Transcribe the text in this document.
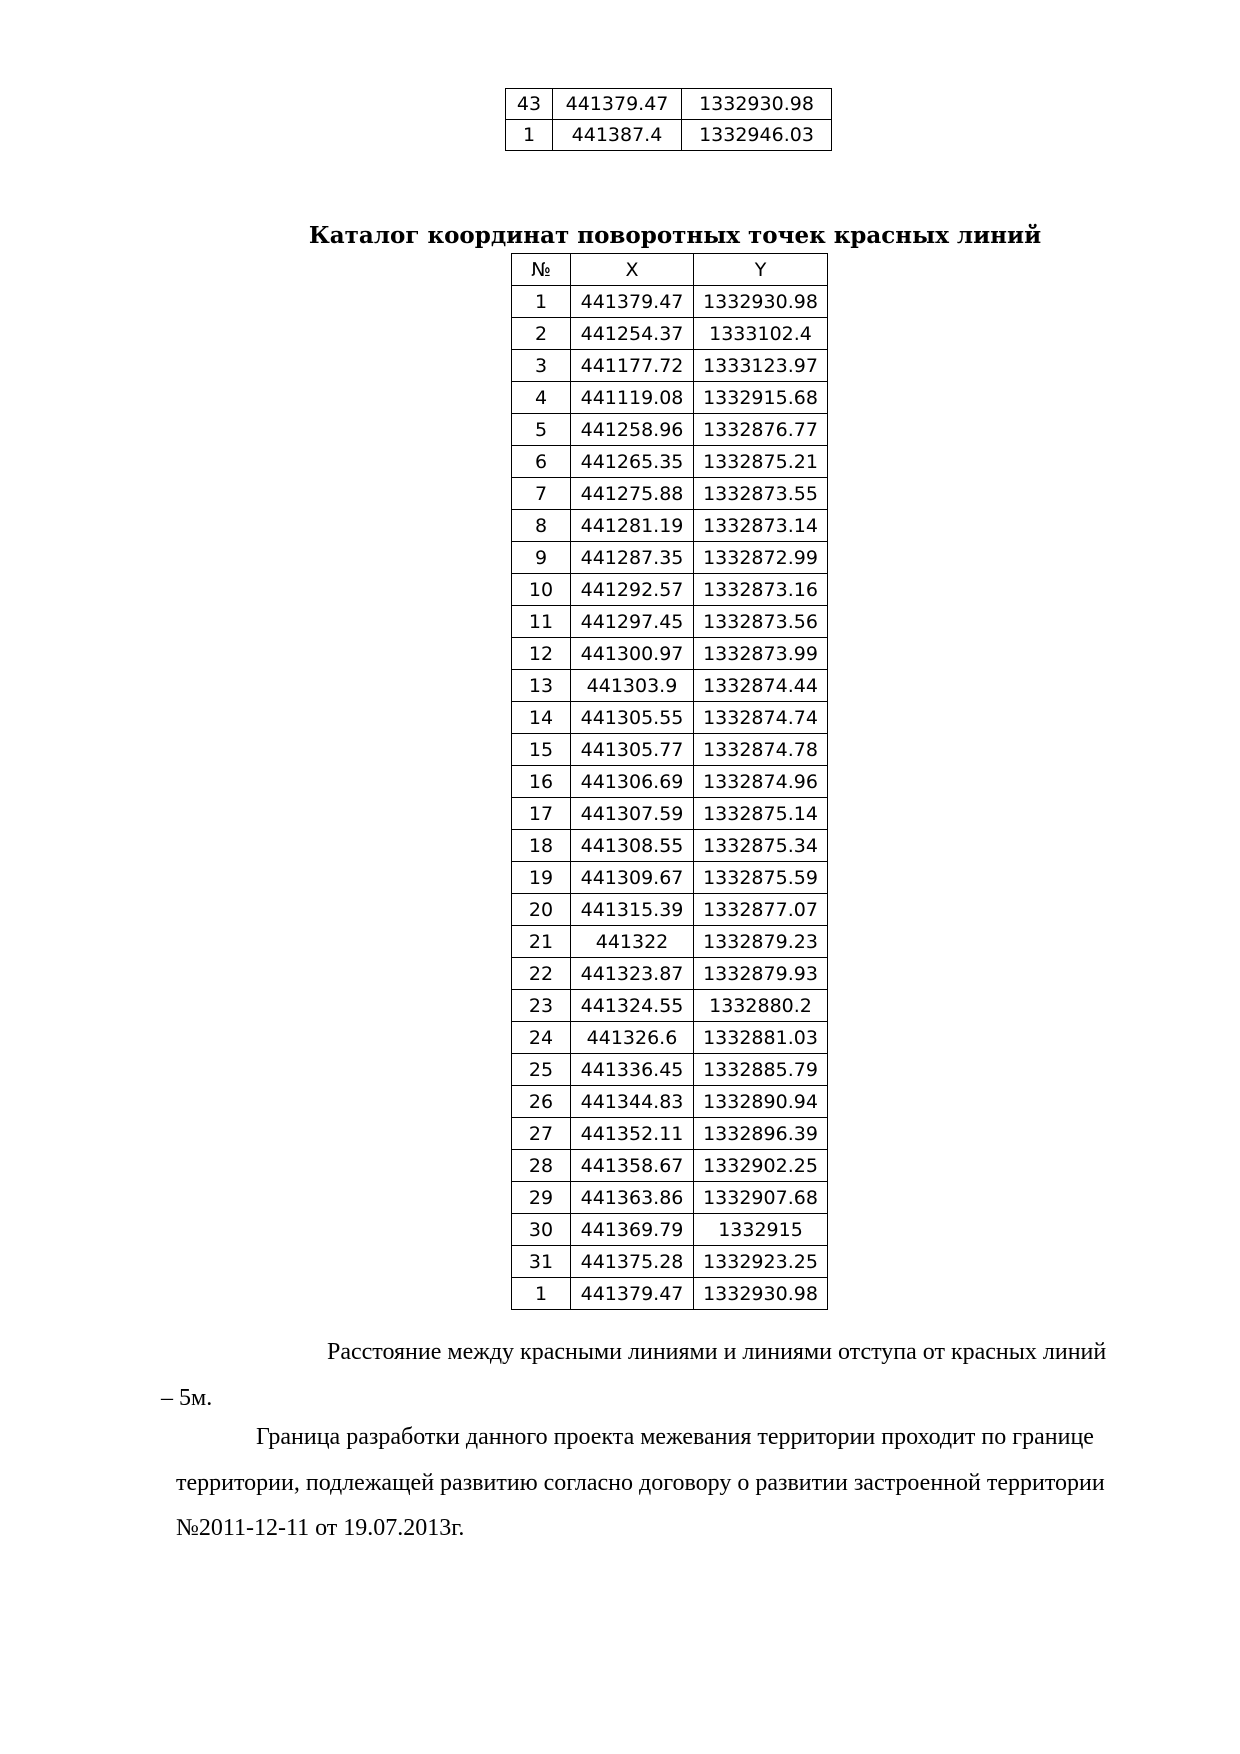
43	441379.47	1332930.98
1	441387.4	1332946.03
Каталог координат поворотных точек красных линий
№	X	Y
1	441379.47	1332930.98
2	441254.37	1333102.4
3	441177.72	1333123.97
4	441119.08	1332915.68
5	441258.96	1332876.77
6	441265.35	1332875.21
7	441275.88	1332873.55
8	441281.19	1332873.14
9	441287.35	1332872.99
10	441292.57	1332873.16
11	441297.45	1332873.56
12	441300.97	1332873.99
13	441303.9	1332874.44
14	441305.55	1332874.74
15	441305.77	1332874.78
16	441306.69	1332874.96
17	441307.59	1332875.14
18	441308.55	1332875.34
19	441309.67	1332875.59
20	441315.39	1332877.07
21	441322	1332879.23
22	441323.87	1332879.93
23	441324.55	1332880.2
24	441326.6	1332881.03
25	441336.45	1332885.79
26	441344.83	1332890.94
27	441352.11	1332896.39
28	441358.67	1332902.25
29	441363.86	1332907.68
30	441369.79	1332915
31	441375.28	1332923.25
1	441379.47	1332930.98

Расстояние между красными линиями и линиями отступа от красных линий

– 5м.

Граница разработки данного проекта межевания территории проходит по границе

территории, подлежащей развитию согласно договору о развитии застроенной территории

№2011-12-11 от 19.07.2013г.
